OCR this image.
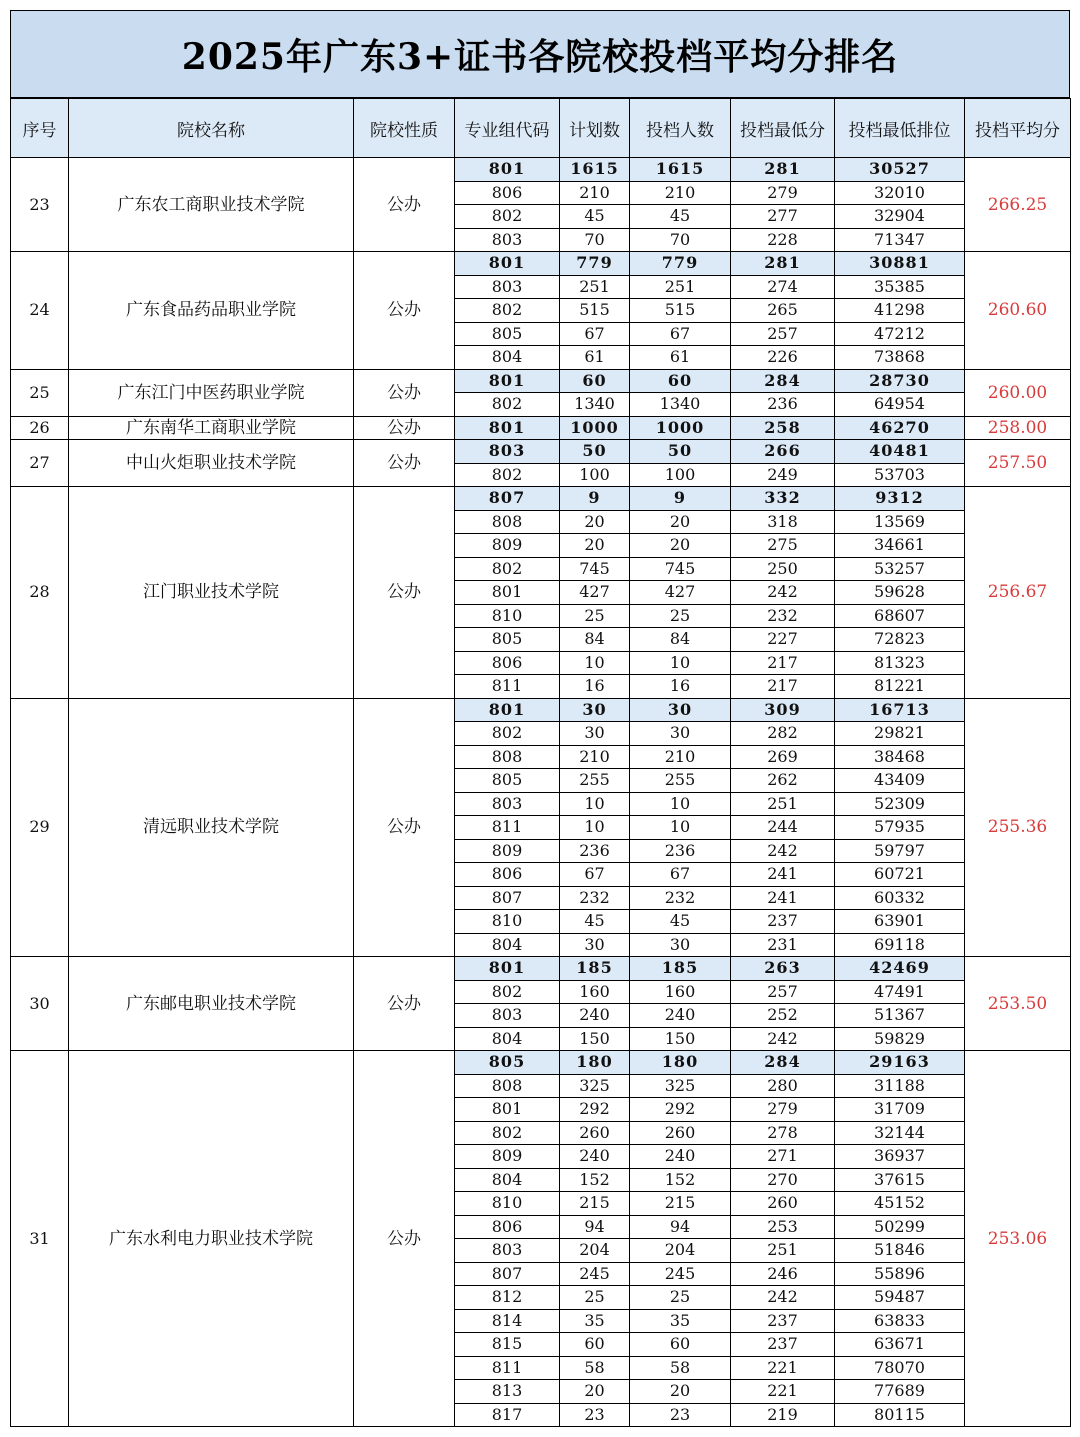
2025年广东3+证书各院校投档平均分排名
序号	院校名称	院校性质	专业组代码	计划数	投档人数	投档最低分	投档最低排位	投档平均分
23	广东农工商职业技术学院	公办	801	1615	1615	281	30527	266.25
			806	210	210	279	32010	
			802	45	45	277	32904	
			803	70	70	228	71347	
24	广东食品药品职业学院	公办	801	779	779	281	30881	260.60
			803	251	251	274	35385	
			802	515	515	265	41298	
			805	67	67	257	47212	
			804	61	61	226	73868	
25	广东江门中医药职业学院	公办	801	60	60	284	28730	260.00
			802	1340	1340	236	64954	
26	广东南华工商职业学院	公办	801	1000	1000	258	46270	258.00
27	中山火炬职业技术学院	公办	803	50	50	266	40481	257.50
			802	100	100	249	53703	
28	江门职业技术学院	公办	807	9	9	332	9312	256.67
			808	20	20	318	13569	
			809	20	20	275	34661	
			802	745	745	250	53257	
			801	427	427	242	59628	
			810	25	25	232	68607	
			805	84	84	227	72823	
			806	10	10	217	81323	
			811	16	16	217	81221	
29	清远职业技术学院	公办	801	30	30	309	16713	255.36
			802	30	30	282	29821	
			808	210	210	269	38468	
			805	255	255	262	43409	
			803	10	10	251	52309	
			811	10	10	244	57935	
			809	236	236	242	59797	
			806	67	67	241	60721	
			807	232	232	241	60332	
			810	45	45	237	63901	
			804	30	30	231	69118	
30	广东邮电职业技术学院	公办	801	185	185	263	42469	253.50
			802	160	160	257	47491	
			803	240	240	252	51367	
			804	150	150	242	59829	
31	广东水利电力职业技术学院	公办	805	180	180	284	29163	253.06
			808	325	325	280	31188	
			801	292	292	279	31709	
			802	260	260	278	32144	
			809	240	240	271	36937	
			804	152	152	270	37615	
			810	215	215	260	45152	
			806	94	94	253	50299	
			803	204	204	251	51846	
			807	245	245	246	55896	
			812	25	25	242	59487	
			814	35	35	237	63833	
			815	60	60	237	63671	
			811	58	58	221	78070	
			813	20	20	221	77689	
			817	23	23	219	80115	
